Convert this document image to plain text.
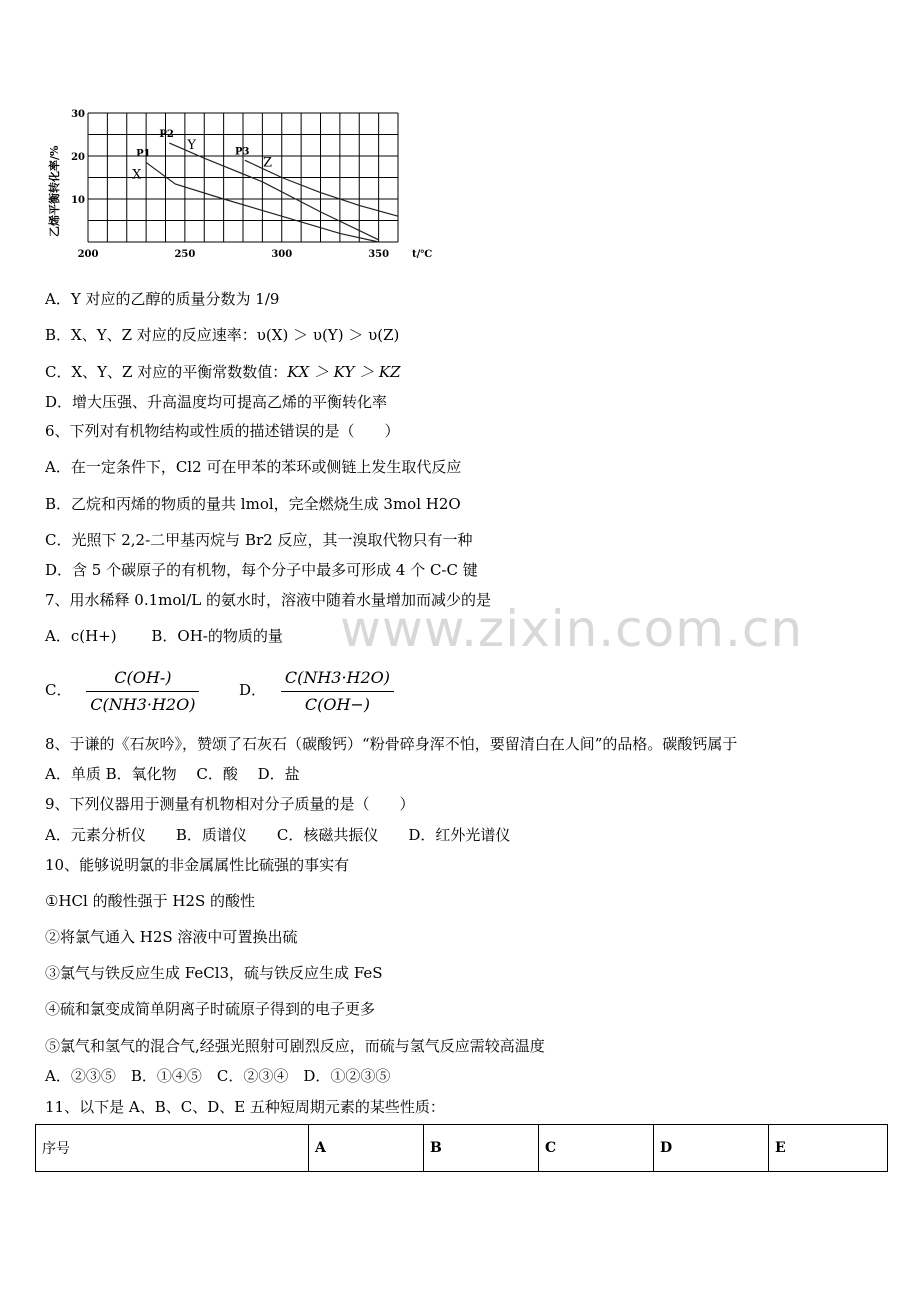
X
Y
Z
P1
P2
P3
200	250	300	350
10
20
30
t/℃
乙烯平衡转化率/%
A．Y 对应的乙醇的质量分数为 1/9
B．X、Y、Z 对应的反应速率：υ(X) ＞ υ(Y) ＞ υ(Z)
C．X、Y、Z 对应的平衡常数数值：KX ＞ KY ＞ KZ
D．增大压强、升高温度均可提高乙烯的平衡转化率
6、下列对有机物结构或性质的描述错误的是（　　）
A．在一定条件下，Cl2 可在甲苯的苯环或侧链上发生取代反应
B．乙烷和丙烯的物质的量共 lmol，完全燃烧生成 3mol H2O
C．光照下 2,2-二甲基丙烷与 Br2 反应，其一溴取代物只有一种
D．含 5 个碳原子的有机物，每个分子中最多可形成 4 个 C-C 键
7、用水稀释 0.1mol/L 的氨水时，溶液中随着水量增加而减少的是
A．c(H+)　　 B．OH-的物质的量
C． $\frac{C(OH-)}{C(NH3\cdot H2O)}$	D． $\frac{C(NH3\cdot H2O)}{C(OH-)}$
8、于谦的《石灰吟》，赞颂了石灰石（碳酸钙）“粉骨碎身浑不怕，要留清白在人间”的品格。碳酸钙属于
A．单质 B．氧化物　 C．酸　 D．盐
9、下列仪器用于测量有机物相对分子质量的是（　　）
A．元素分析仪　　B．质谱仪　　C．核磁共振仪　　D．红外光谱仪
10、能够说明氯的非金属属性比硫强的事实有
①HCl 的酸性强于 H2S 的酸性
②将氯气通入 H2S 溶液中可置换出硫
③氯气与铁反应生成 FeCl3，硫与铁反应生成 FeS
④硫和氯变成简单阴离子时硫原子得到的电子更多
⑤氯气和氢气的混合气,经强光照射可剧烈反应，而硫与氢气反应需较高温度
A．②③⑤　B．①④⑤　C．②③④　D．①②③⑤
11、以下是 A、B、C、D、E 五种短周期元素的某些性质：
序号	A	B	C	D	E
www.zixin.com.cn
